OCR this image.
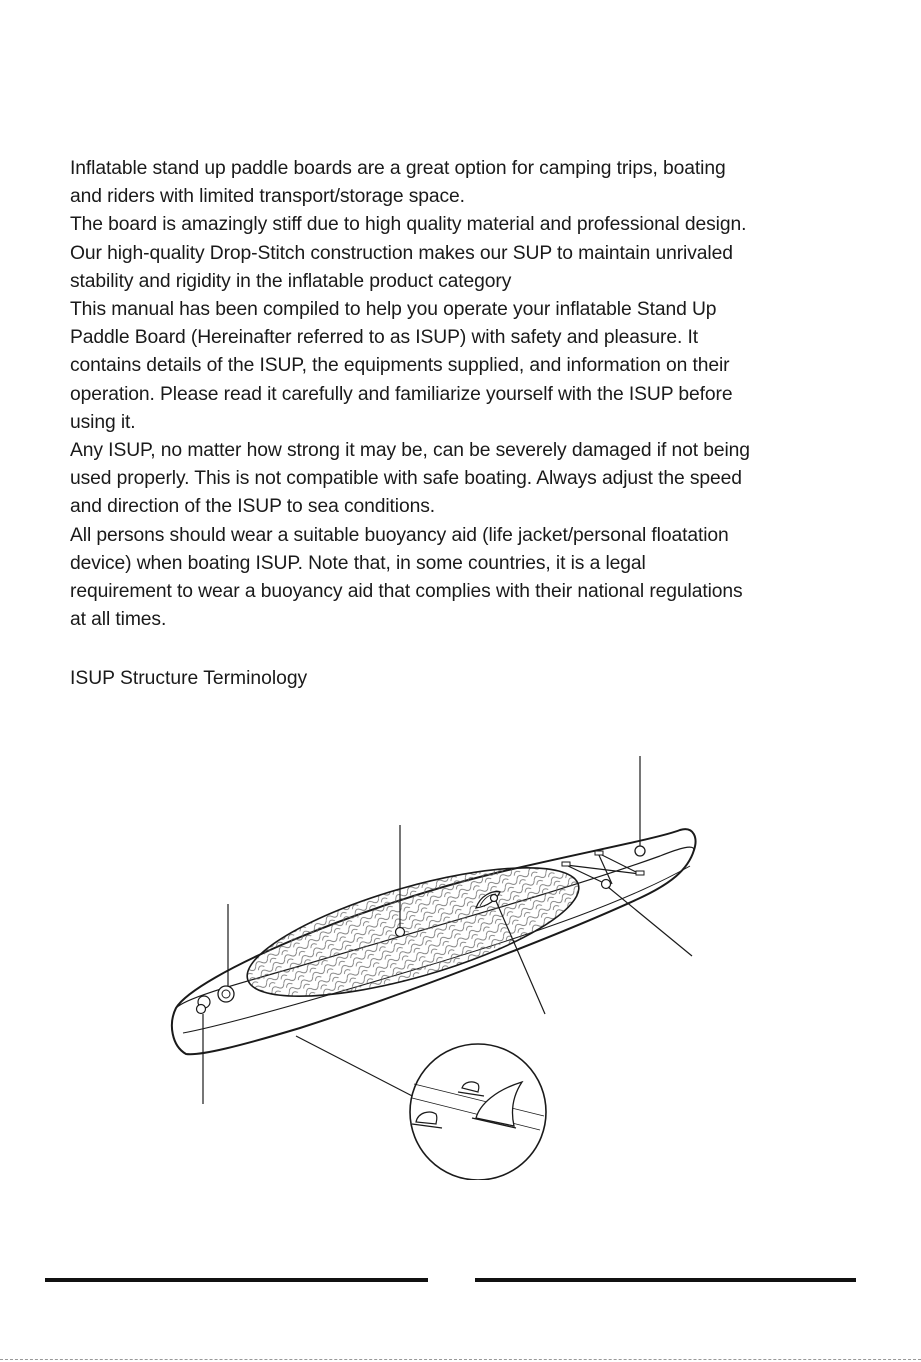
Inflatable stand up paddle boards are a great option for camping trips, boating
and riders with limited transport/storage space.
The board is amazingly stiff due to high quality material and professional design.
Our high-quality Drop-Stitch construction makes our SUP to maintain unrivaled
stability and rigidity in the inflatable product category
This manual has been compiled to help you operate your inflatable Stand Up
Paddle Board (Hereinafter referred to as ISUP) with safety and pleasure. It
contains details of the ISUP, the equipments supplied, and information on their
operation. Please read it carefully and familiarize yourself with the ISUP before
using it.
Any ISUP, no matter how strong it may be, can be severely damaged if not being
used properly. This is not compatible with safe boating. Always adjust the speed
and direction of the ISUP to sea conditions.
All persons should wear a suitable buoyancy aid (life jacket/personal floatation
device) when boating ISUP. Note that, in some countries, it is a legal
requirement to wear a buoyancy aid that complies with their national regulations
at all times.
ISUP Structure Terminology
